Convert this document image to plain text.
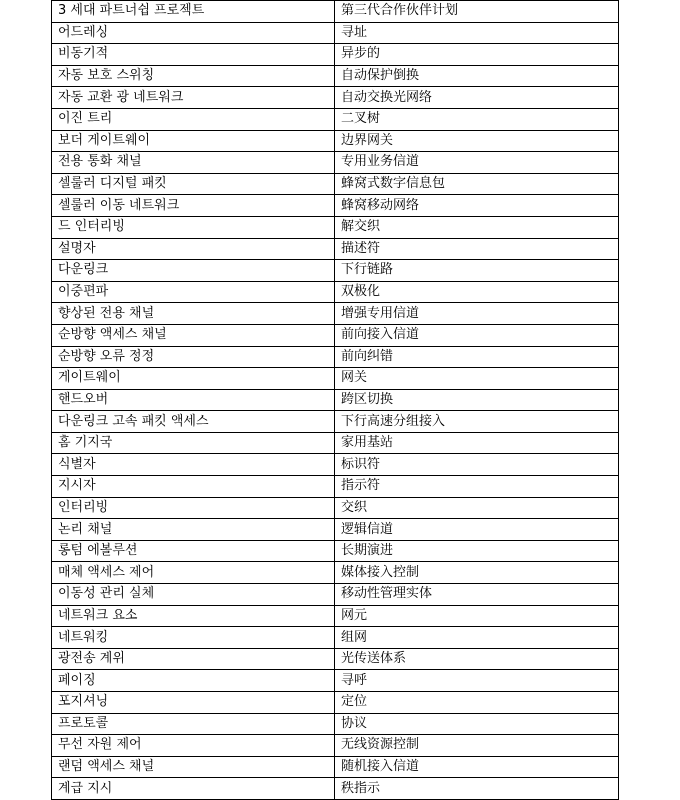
3 세대 파트너쉽 프로젝트	第三代合作伙伴计划
어드레싱	寻址
비동기적	异步的
자동 보호 스위칭	自动保护倒换
자동 교환 광 네트워크	自动交换光网络
이진 트리	二叉树
보더 게이트웨이	边界网关
전용 통화 채널	专用业务信道
셀룰러 디지털 패킷	蜂窝式数字信息包
셀룰러 이동 네트워크	蜂窝移动网络
드 인터리빙	解交织
설명자	描述符
다운링크	下行链路
이중편파	双极化
향상된 전용 채널	增强专用信道
순방향 액세스 채널	前向接入信道
순방향 오류 정정	前向纠错
게이트웨이	网关
핸드오버	跨区切换
다운링크 고속 패킷 액세스	下行高速分组接入
홈 기지국	家用基站
식별자	标识符
지시자	指示符
인터리빙	交织
논리 채널	逻辑信道
롱텀 에볼루션	长期演进
매체 액세스 제어	媒体接入控制
이동성 관리 실체	移动性管理实体
네트워크 요소	网元
네트워킹	组网
광전송 계위	光传送体系
페이징	寻呼
포지셔닝	定位
프로토콜	协议
무선 자원 제어	无线资源控制
랜덤 액세스 채널	随机接入信道
계급 지시	秩指示
